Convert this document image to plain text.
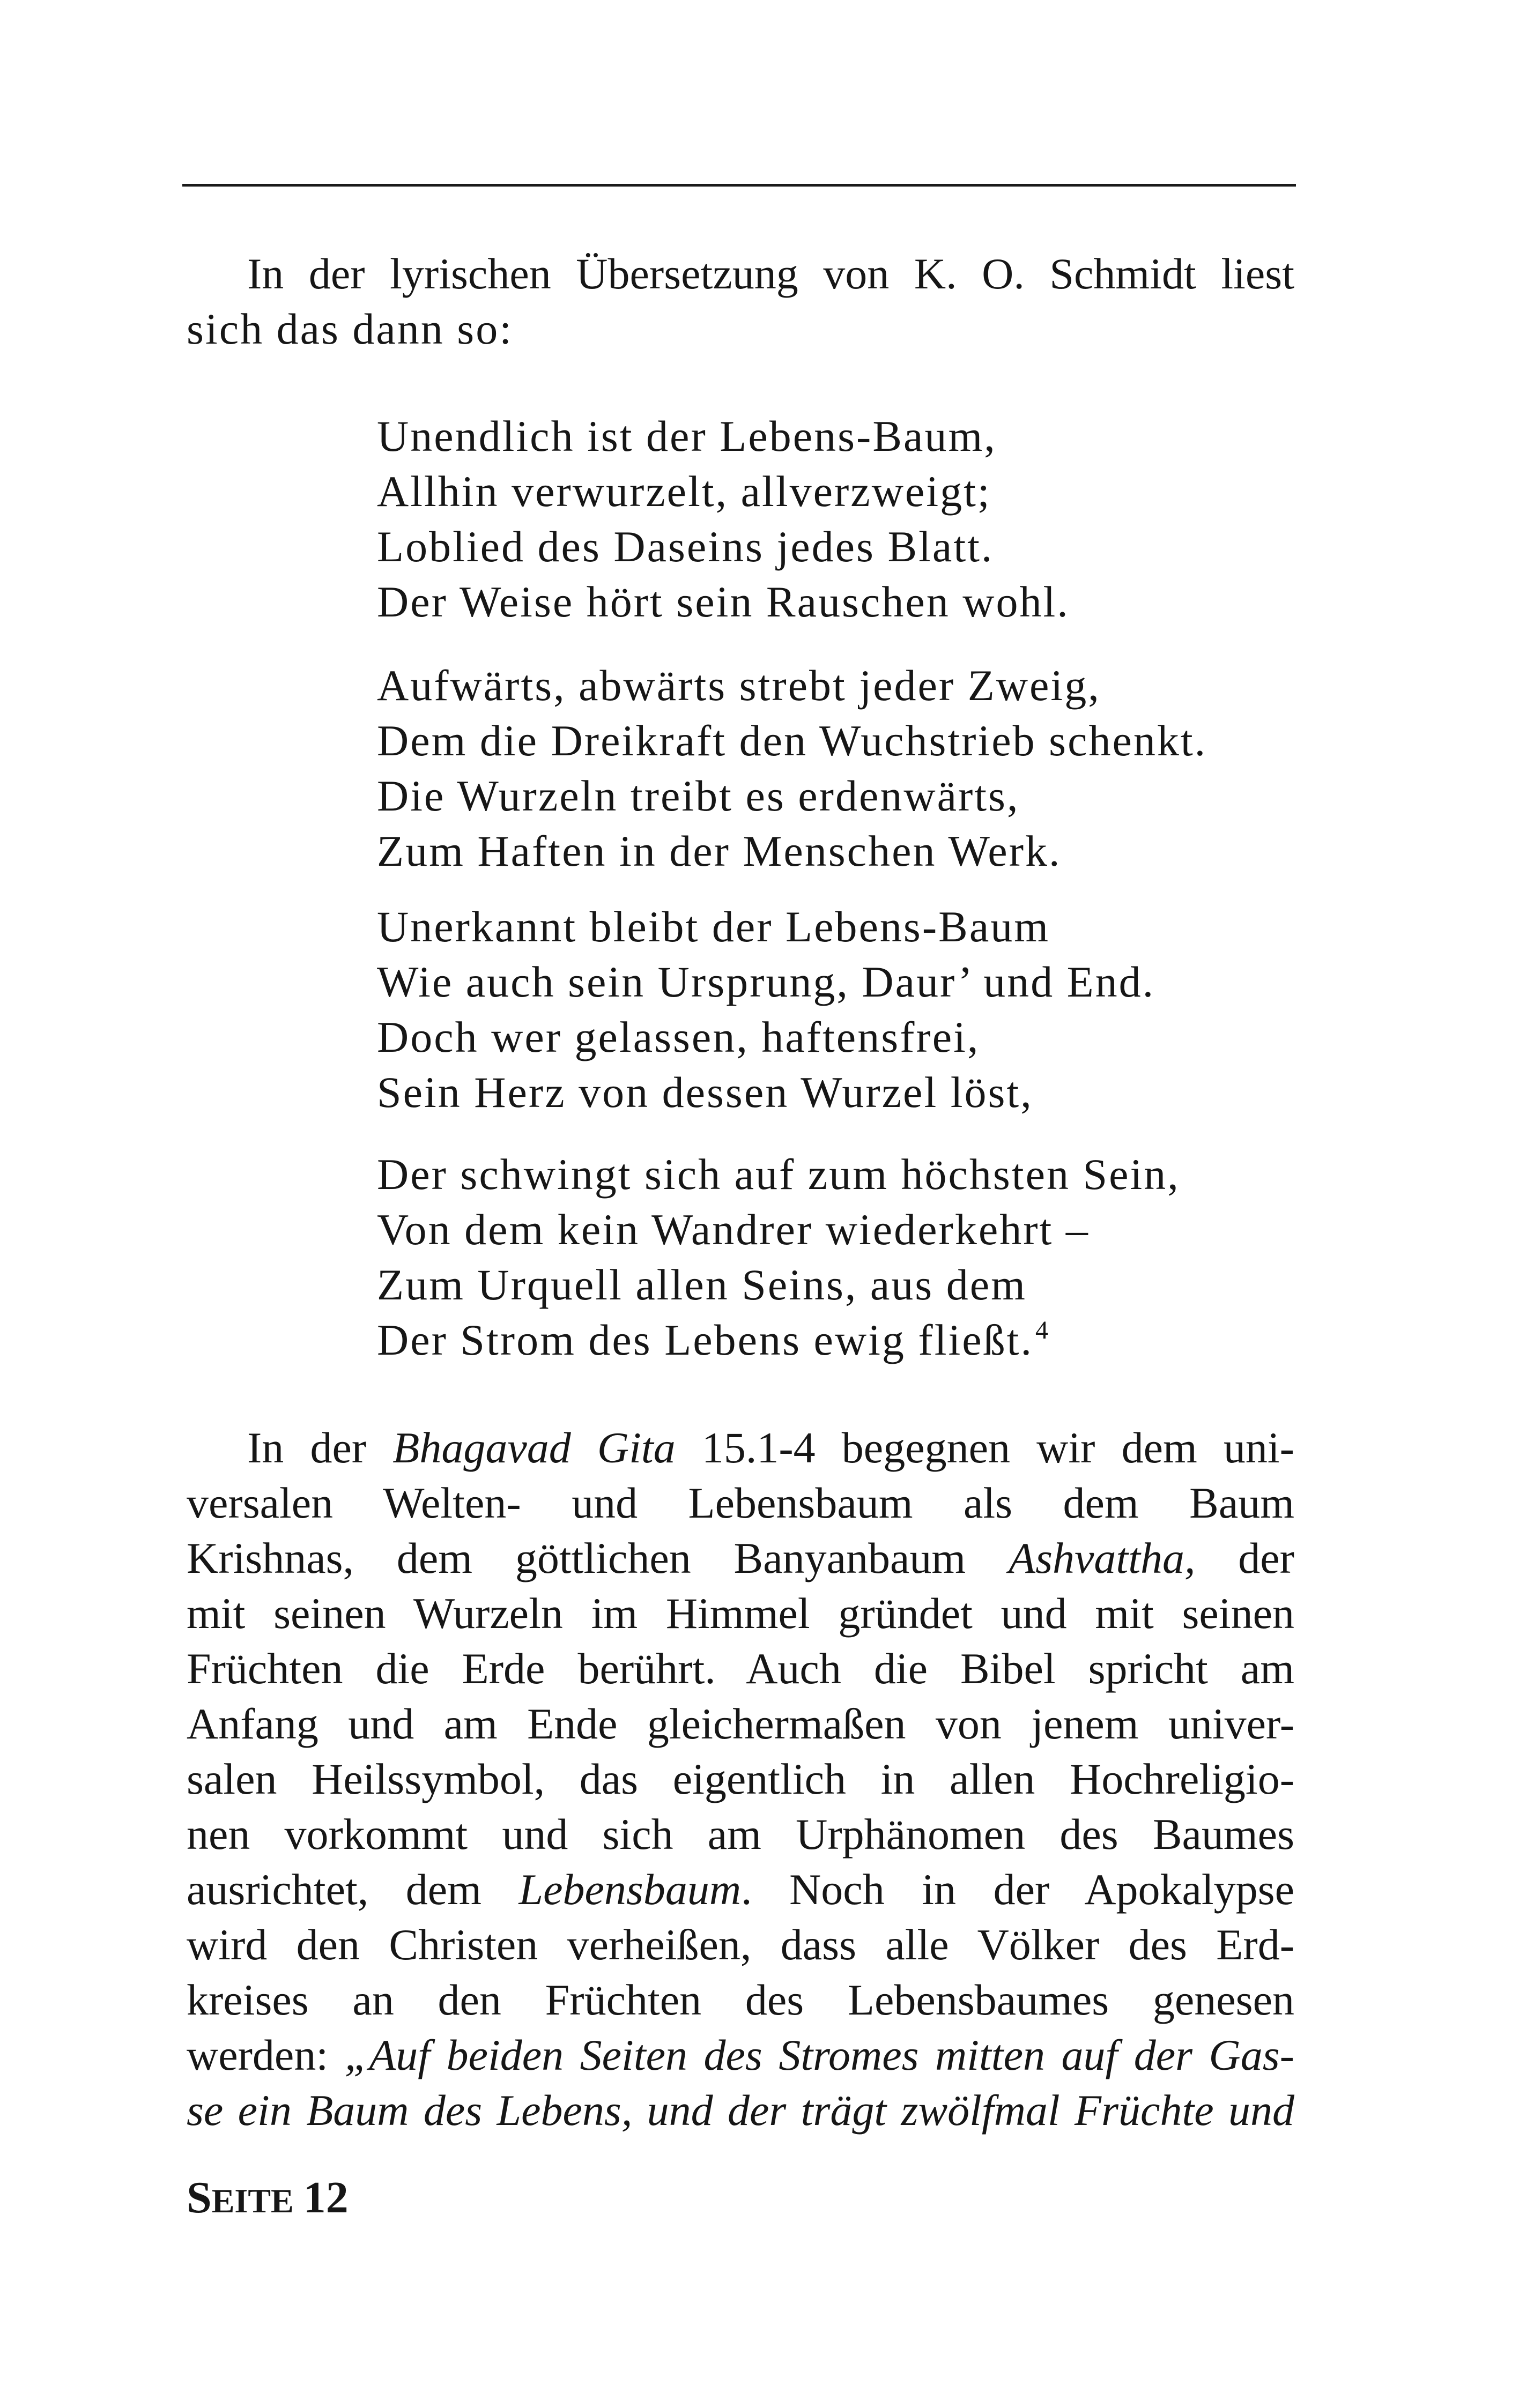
In der lyrischen Übersetzung von K. O. Schmidt liest
sich das dann so:
Unendlich ist der Lebens-Baum,
Allhin verwurzelt, allverzweigt;
Loblied des Daseins jedes Blatt.
Der Weise hört sein Rauschen wohl.
Aufwärts, abwärts strebt jeder Zweig,
Dem die Dreikraft den Wuchstrieb schenkt.
Die Wurzeln treibt es erdenwärts,
Zum Haften in der Menschen Werk.
Unerkannt bleibt der Lebens-Baum
Wie auch sein Ursprung, Daur’ und End.
Doch wer gelassen, haftensfrei,
Sein Herz von dessen Wurzel löst,
Der schwingt sich auf zum höchsten Sein,
Von dem kein Wandrer wiederkehrt –
Zum Urquell allen Seins, aus dem
Der Strom des Lebens ewig fließt.$^4$
In der Bhagavad Gita 15.1-4 begegnen wir dem uni-
versalen Welten- und Lebensbaum als dem Baum
Krishnas, dem göttlichen Banyanbaum Ashvattha, der
mit seinen Wurzeln im Himmel gründet und mit seinen
Früchten die Erde berührt. Auch die Bibel spricht am
Anfang und am Ende gleichermaßen von jenem univer-
salen Heilssymbol, das eigentlich in allen Hochreligio-
nen vorkommt und sich am Urphänomen des Baumes
ausrichtet, dem Lebensbaum. Noch in der Apokalypse
wird den Christen verheißen, dass alle Völker des Erd-
kreises an den Früchten des Lebensbaumes genesen
werden: „Auf beiden Seiten des Stromes mitten auf der Gas-
se ein Baum des Lebens, und der trägt zwölfmal Früchte und
SEITE 12
